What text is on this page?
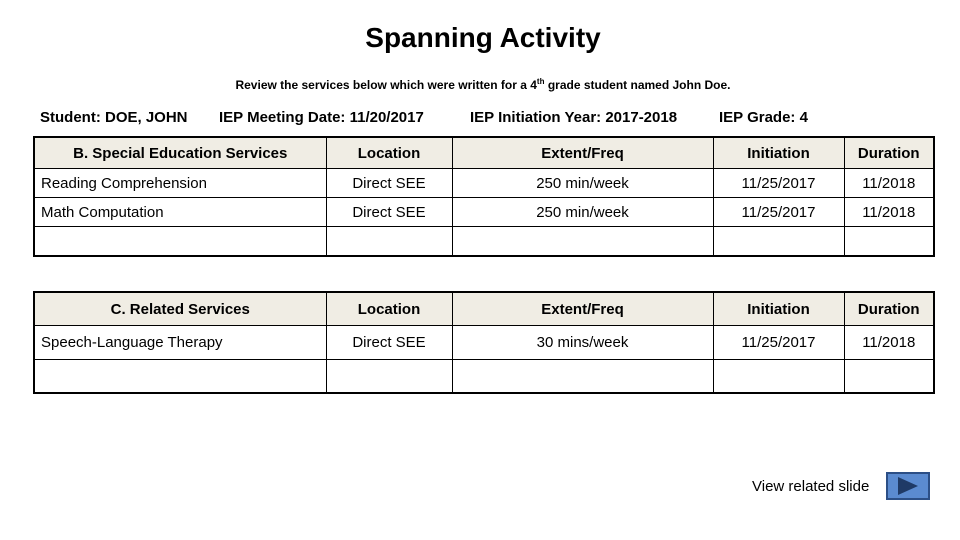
Spanning Activity
Review the services below which were written for a 4th grade student named John Doe.
Student: DOE, JOHN IEP Meeting Date: 11/20/2017	IEP Initiation Year: 2017-2018	IEP Grade: 4
B. Special Education Services	Location	Extent/Freq	Initiation	Duration
Reading Comprehension	Direct SEE	250 min/week	11/25/2017	11/2018
Math Computation	Direct SEE	250 min/week	11/25/2017	11/2018

C. Related Services	Location	Extent/Freq	Initiation	Duration
Speech-Language Therapy	Direct SEE	30 mins/week	11/25/2017	11/2018

View related slide
